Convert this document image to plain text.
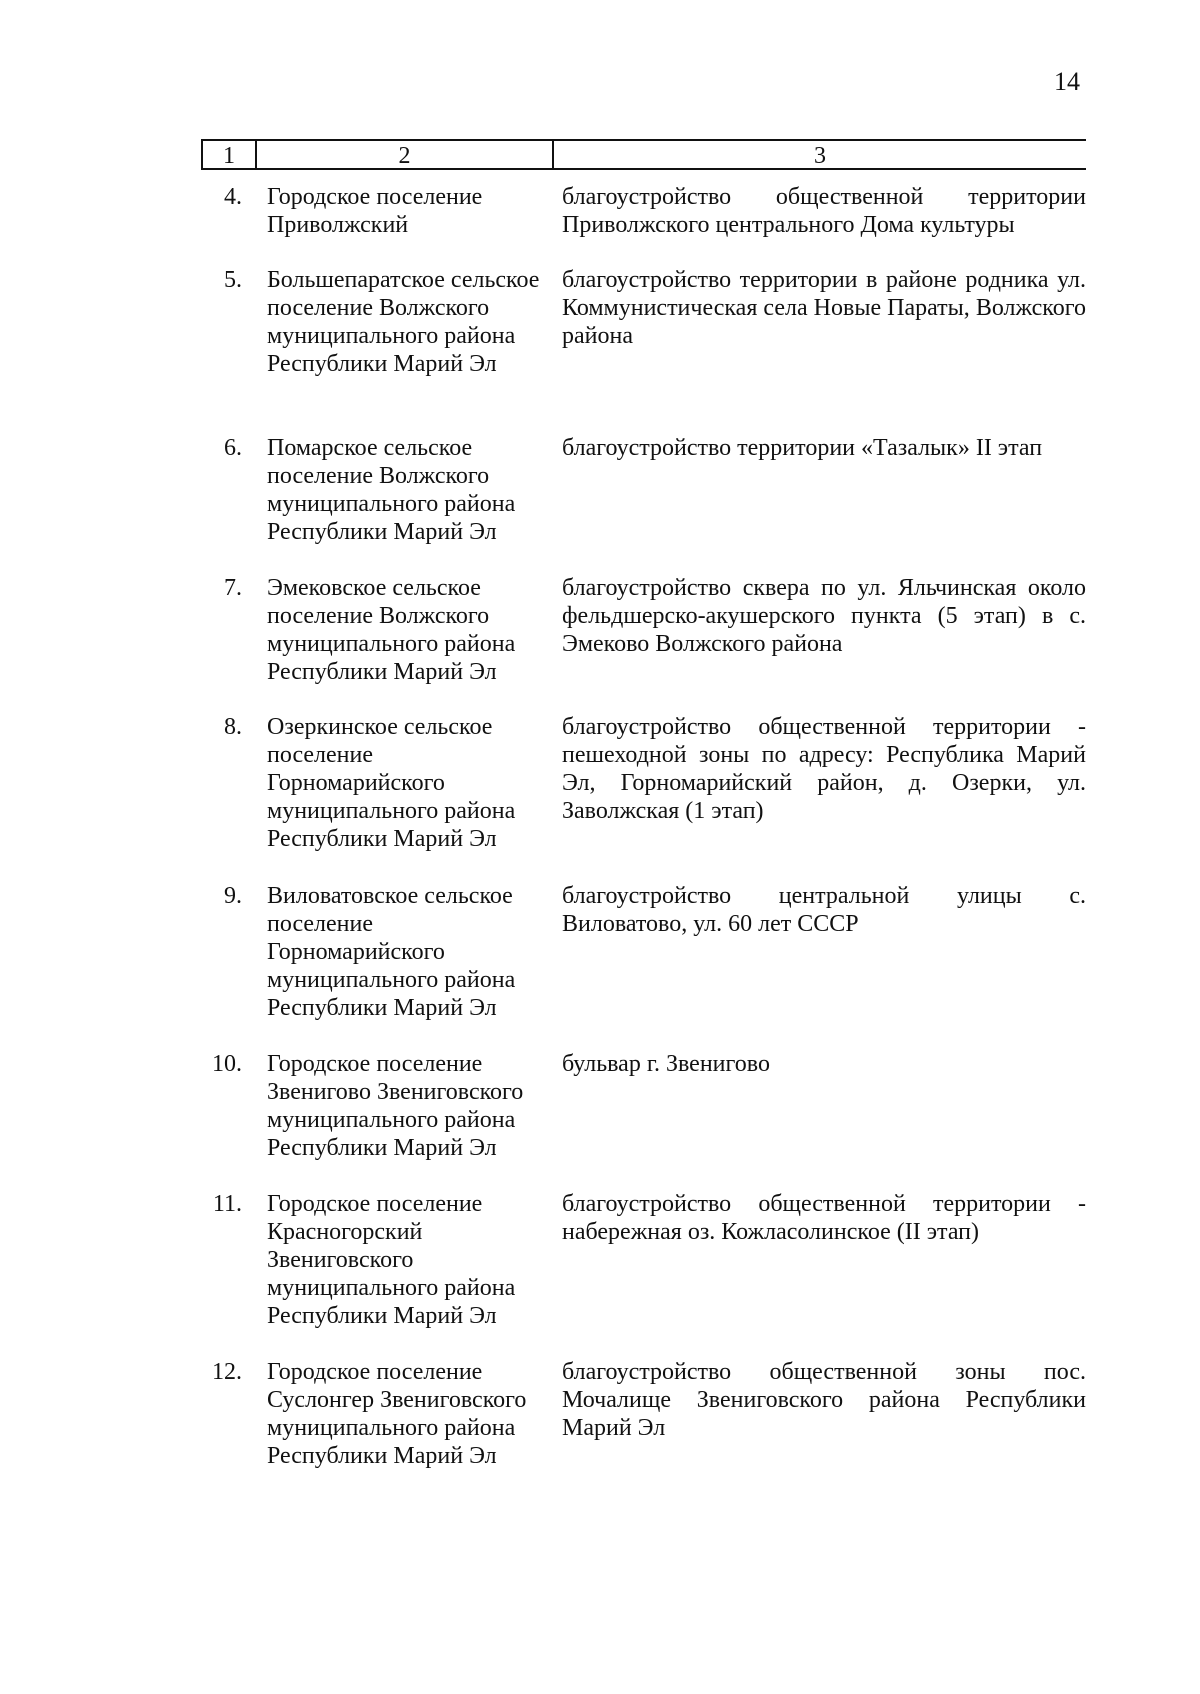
14
1	2	3
4. Городское поселение Приволжский
благоустройство общественной территории Приволжского центрального Дома культуры
5. Большепаратское сельское поселение Волжского муниципального района Республики Марий Эл
благоустройство территории в районе родника ул. Коммунистическая села Новые Параты, Волжского района
6. Помарское сельское поселение Волжского муниципального района Республики Марий Эл
благоустройство территории «Тазалык» II этап
7. Эмековское сельское поселение Волжского муниципального района Республики Марий Эл
благоустройство сквера по ул. Яльчинская около фельдшерско-акушерского пункта (5 этап) в с. Эмеково Волжского района
8. Озеркинское сельское поселение Горномарийского муниципального района Республики Марий Эл
благоустройство общественной территории - пешеходной зоны по адресу: Республика Марий Эл, Горномарийский район, д. Озерки, ул. Заволжская (1 этап)
9. Виловатовское сельское поселение Горномарийского муниципального района Республики Марий Эл
благоустройство центральной улицы с. Виловатово, ул. 60 лет СССР
10. Городское поселение Звенигово Звениговского муниципального района Республики Марий Эл
бульвар г. Звенигово
11. Городское поселение Красногорский Звениговского муниципального района Республики Марий Эл
благоустройство общественной территории - набережная оз. Кожласолинское (II этап)
12. Городское поселение Суслонгер Звениговского муниципального района Республики Марий Эл
благоустройство общественной зоны пос. Мочалище Звениговского района Республики Марий Эл
